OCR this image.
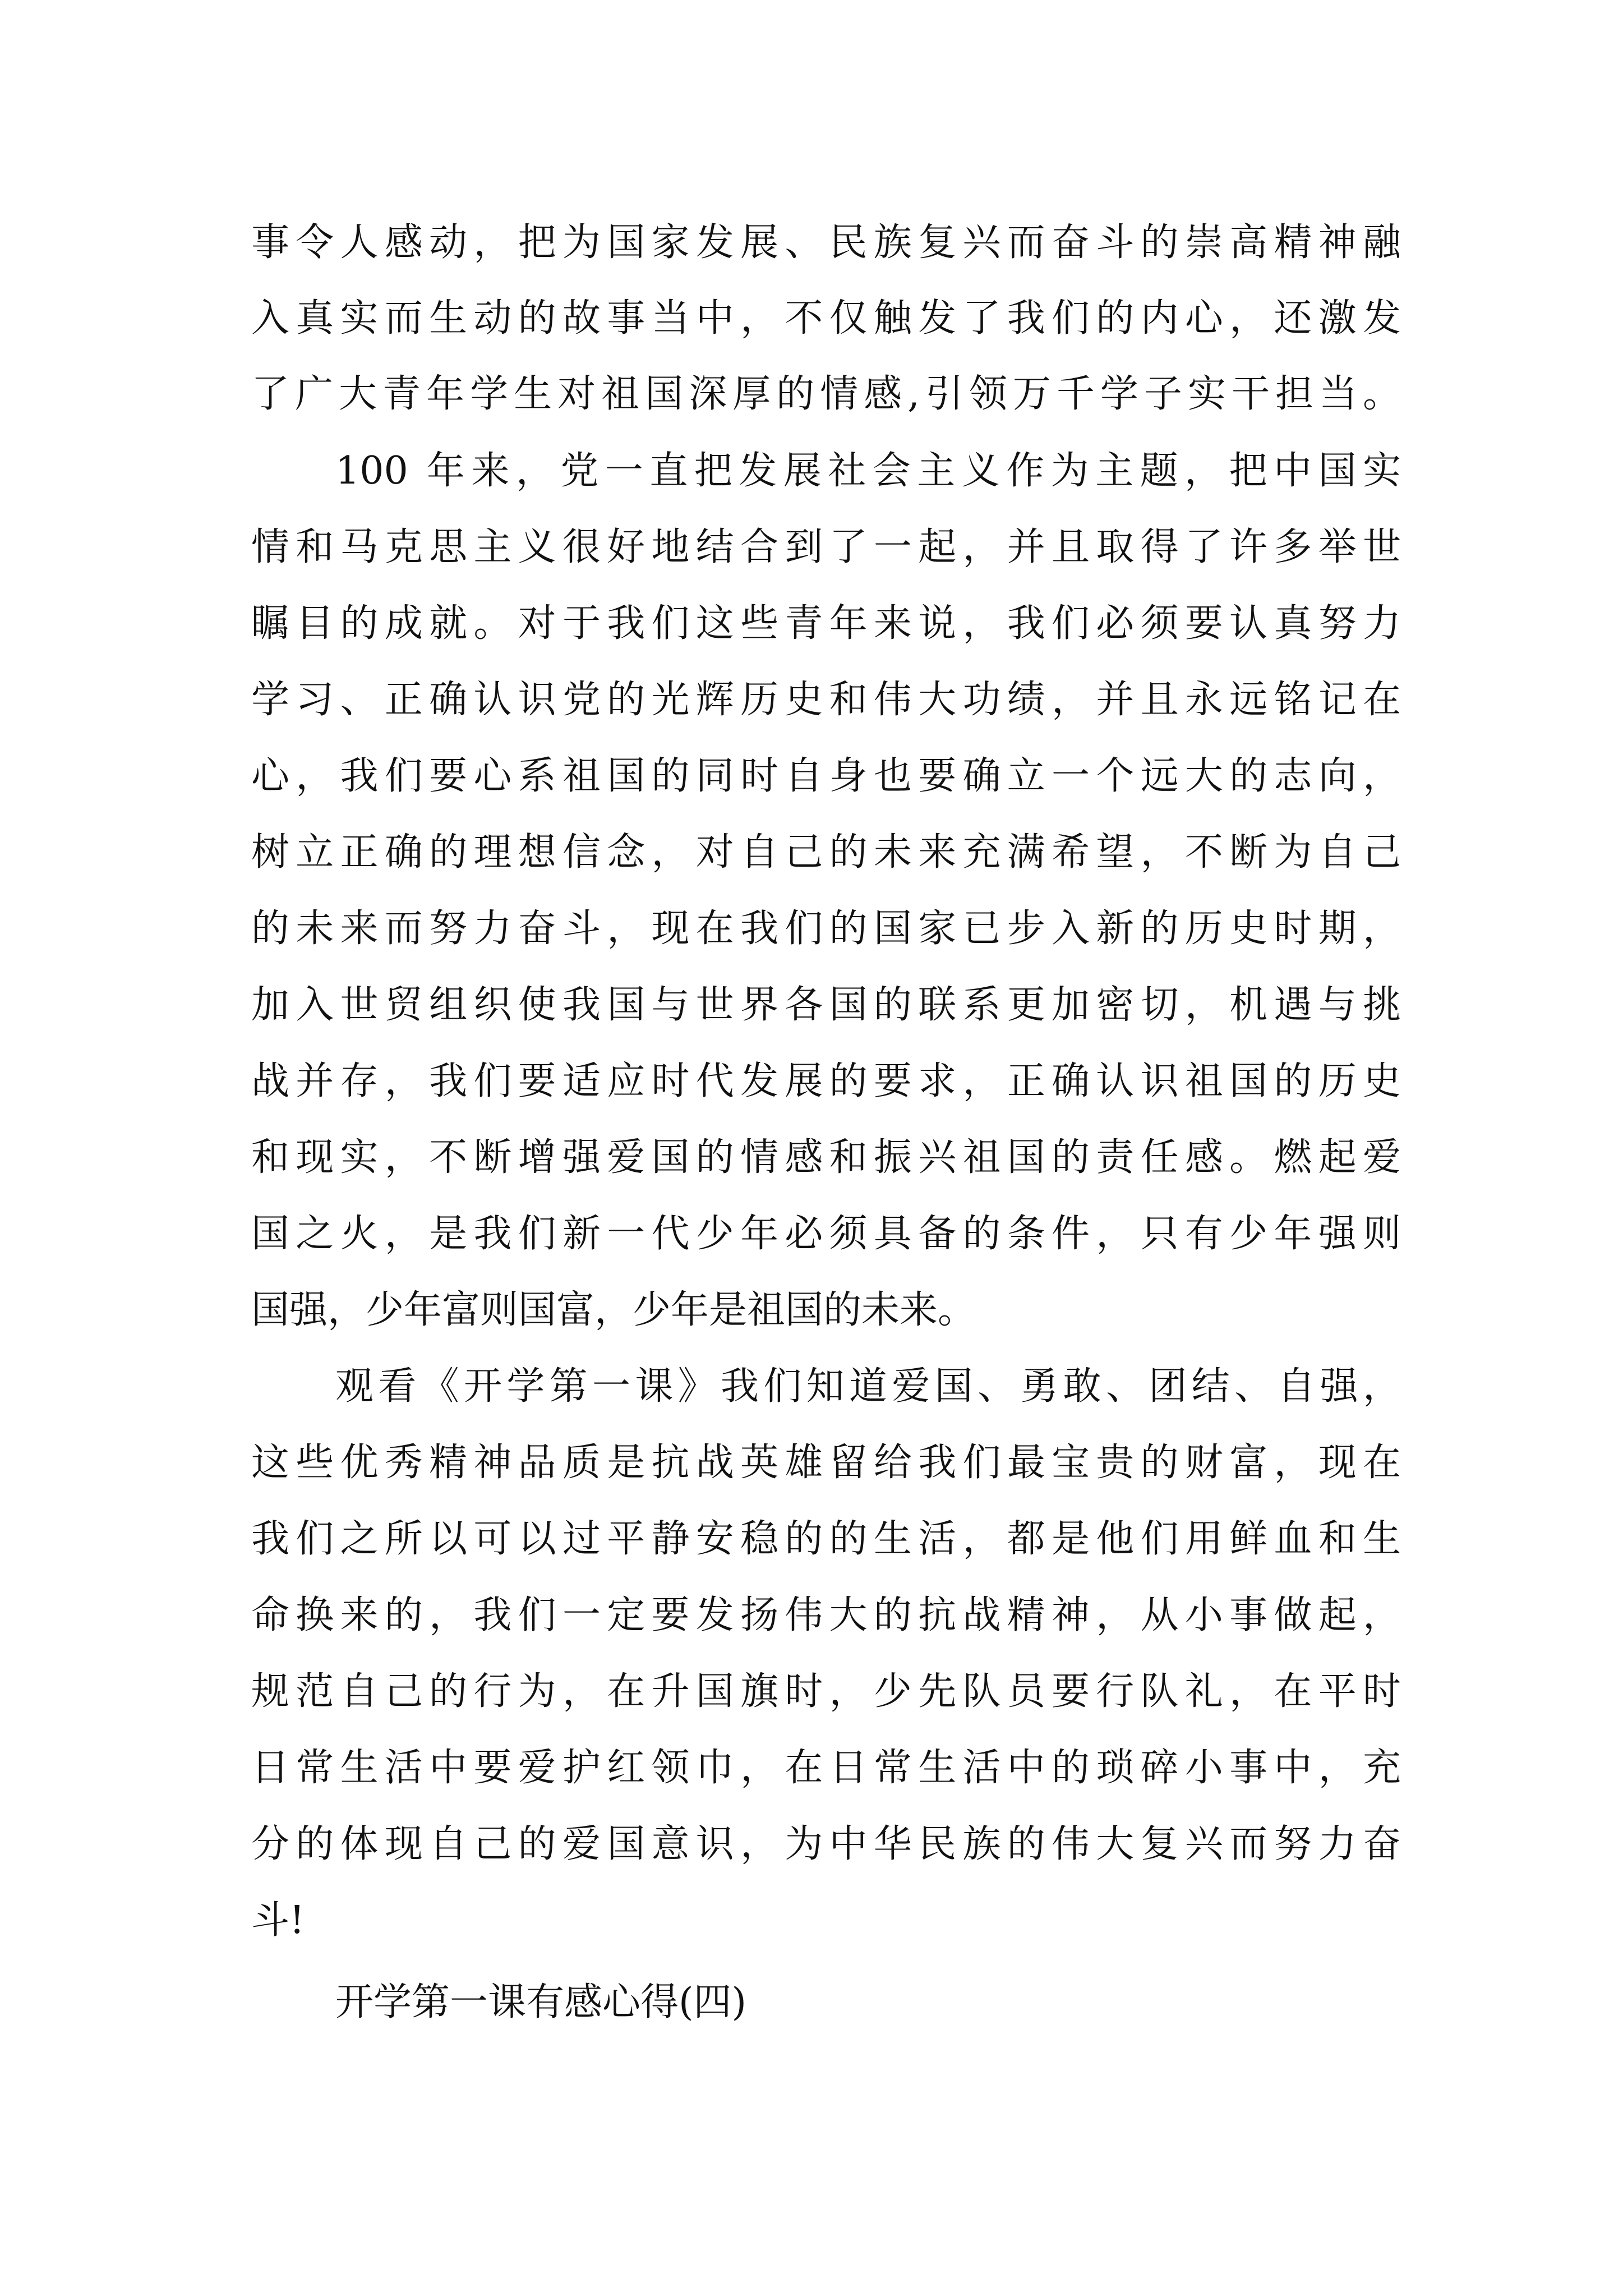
事令人感动，把为国家发展、民族复兴而奋斗的崇高精神融
入真实而生动的故事当中，不仅触发了我们的内心，还激发
了广大青年学生对祖国深厚的情感,引领万千学子实干担当。
100 年来，党一直把发展社会主义作为主题，把中国实
情和马克思主义很好地结合到了一起，并且取得了许多举世
瞩目的成就。对于我们这些青年来说，我们必须要认真努力
学习、正确认识党的光辉历史和伟大功绩，并且永远铭记在
心，我们要心系祖国的同时自身也要确立一个远大的志向，
树立正确的理想信念，对自己的未来充满希望，不断为自己
的未来而努力奋斗，现在我们的国家已步入新的历史时期，
加入世贸组织使我国与世界各国的联系更加密切，机遇与挑
战并存，我们要适应时代发展的要求，正确认识祖国的历史
和现实，不断增强爱国的情感和振兴祖国的责任感。燃起爱
国之火，是我们新一代少年必须具备的条件，只有少年强则
国强，少年富则国富，少年是祖国的未来。
观看《开学第一课》我们知道爱国、勇敢、团结、自强，
这些优秀精神品质是抗战英雄留给我们最宝贵的财富，现在
我们之所以可以过平静安稳的的生活，都是他们用鲜血和生
命换来的，我们一定要发扬伟大的抗战精神，从小事做起，
规范自己的行为，在升国旗时，少先队员要行队礼，在平时
日常生活中要爱护红领巾，在日常生活中的琐碎小事中，充
分的体现自己的爱国意识，为中华民族的伟大复兴而努力奋
斗!
开学第一课有感心得(四)
